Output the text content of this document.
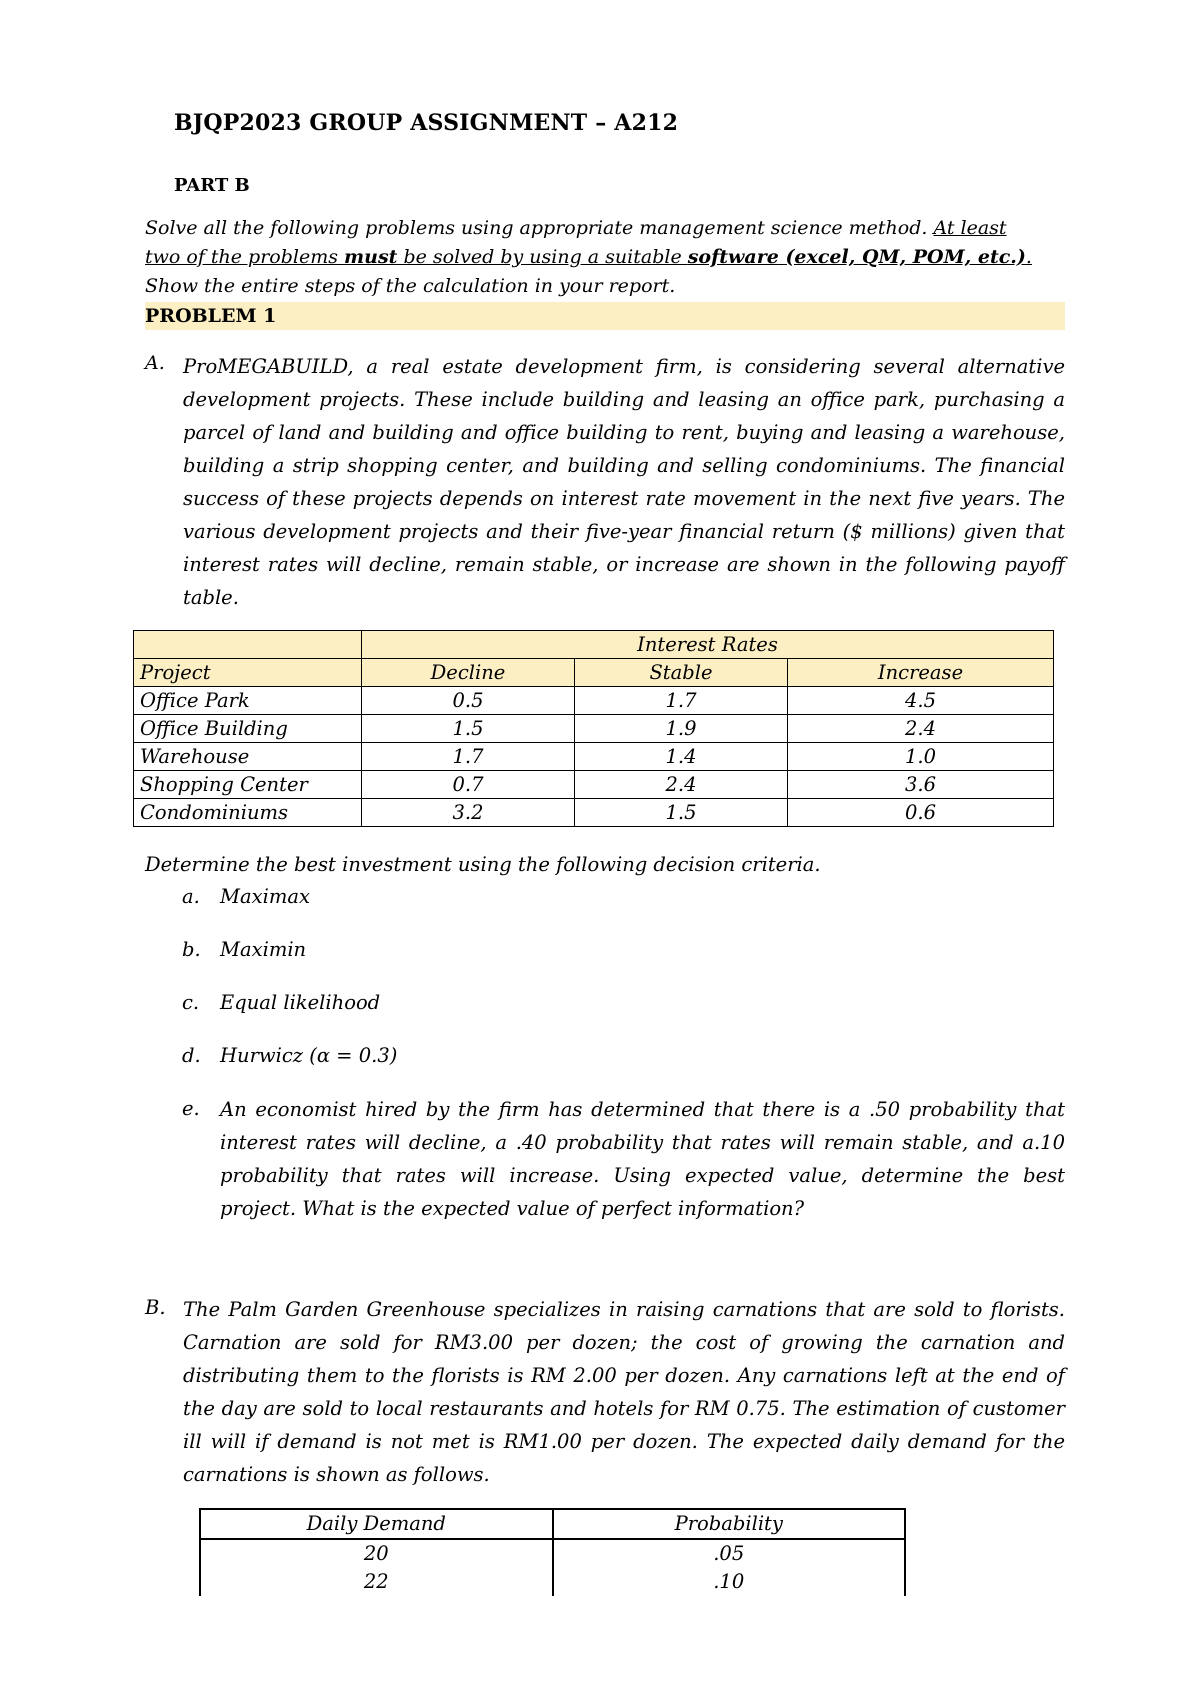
BJQP2023 GROUP ASSIGNMENT – A212
PART B

Solve all the following problems using appropriate management science method. At least

two of the problems must be solved by using a suitable software (excel, QM, POM, etc.).

Show the entire steps of the calculation in your report.

PROBLEM 1
A. ProMEGABUILD, a real estate development firm, is considering several alternative development projects. These include building and leasing an office park, purchasing a parcel of land and building and office building to rent, buying and leasing a warehouse, building a strip shopping center, and building and selling condominiums. The financial success of these projects depends on interest rate movement in the next five years. The various development projects and their five-year financial return ($ millions) given that interest rates will decline, remain stable, or increase are shown in the following payoff table.
	Interest Rates		
Project	Decline	Stable	Increase
Office Park	0.5	1.7	4.5
Office Building	1.5	1.9	2.4
Warehouse	1.7	1.4	1.0
Shopping Center	0.7	2.4	3.6
Condominiums	3.2	1.5	0.6
Determine the best investment using the following decision criteria.
a. Maximax
b. Maximin
c. Equal likelihood
d. Hurwicz (α = 0.3)
e. An economist hired by the firm has determined that there is a .50 probability that interest rates will decline, a .40 probability that rates will remain stable, and a.10 probability that rates will increase. Using expected value, determine the best project. What is the expected value of perfect information?
B. The Palm Garden Greenhouse specializes in raising carnations that are sold to florists. Carnation are sold for RM3.00 per dozen; the cost of growing the carnation and distributing them to the florists is RM 2.00 per dozen. Any carnations left at the end of the day are sold to local restaurants and hotels for RM 0.75. The estimation of customer ill will if demand is not met is RM1.00 per dozen. The expected daily demand for the carnations is shown as follows.
Daily Demand	Probability
20	.05
22	.10
